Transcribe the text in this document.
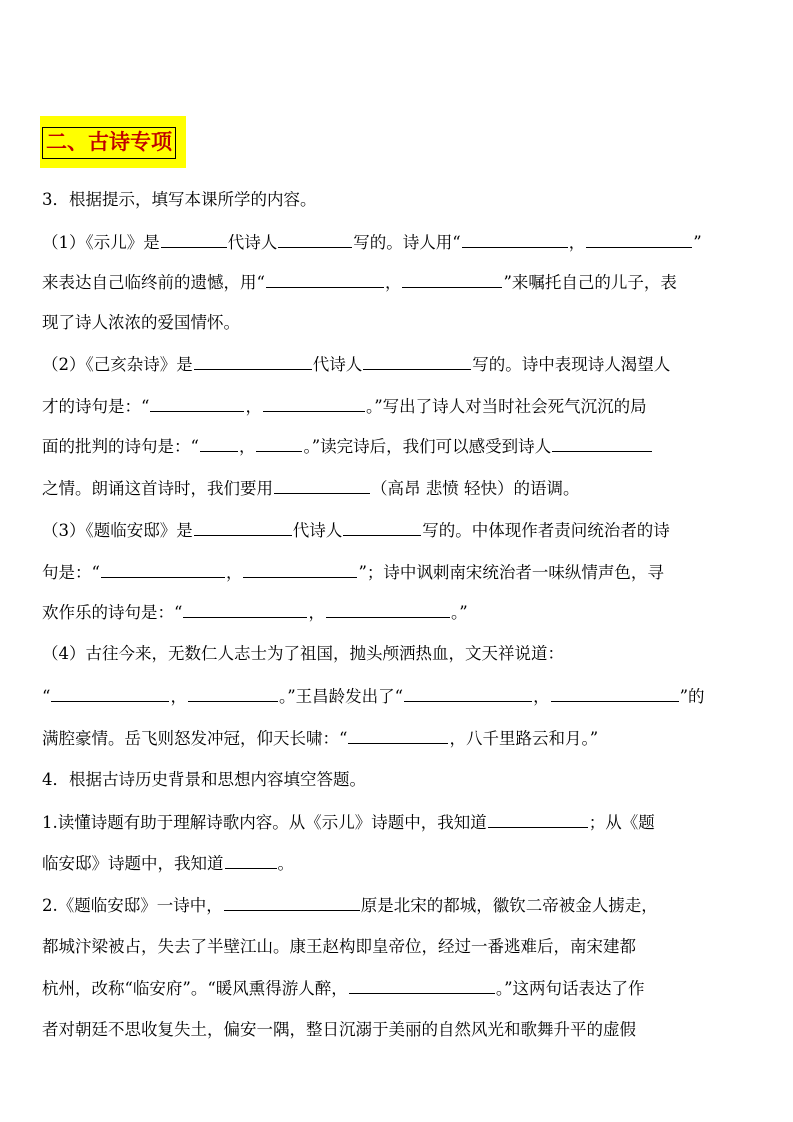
二、古诗专项
3．根据提示，填写本课所学的内容。
（1）《示儿》是	代诗人	写的。诗人用“	，	”
来表达自己临终前的遗憾，用“	，	”来嘱托自己的儿子，表
现了诗人浓浓的爱国情怀。
（2）《己亥杂诗》是	代诗人	写的。诗中表现诗人渴望人
才的诗句是：“	，	。”写出了诗人对当时社会死气沉沉的局
面的批判的诗句是：“ ，	。”读完诗后，我们可以感受到诗人
之情。朗诵这首诗时，我们要用	（高昂 悲愤 轻快）的语调。
（3）《题临安邸》是	代诗人	写的。中体现作者责问统治者的诗
句是：“	，	”；诗中讽刺南宋统治者一味纵情声色，寻
欢作乐的诗句是：“	，	。”
（4）古往今来，无数仁人志士为了祖国，抛头颅洒热血，文天祥说道：
“	，	。”王昌龄发出了“	，	”的
满腔豪情。岳飞则怒发冲冠，仰天长啸：“	，八千里路云和月。”
4．根据古诗历史背景和思想内容填空答题。
1.读懂诗题有助于理解诗歌内容。从《示儿》诗题中，我知道	；从《题
临安邸》诗题中，我知道	。
2.《题临安邸》一诗中，	原是北宋的都城，徽钦二帝被金人掳走，
都城汴梁被占，失去了半壁江山。康王赵构即皇帝位，经过一番逃难后，南宋建都
杭州，改称“临安府”。“暖风熏得游人醉，	。”这两句话表达了作
者对朝廷不思收复失土，偏安一隅，整日沉溺于美丽的自然风光和歌舞升平的虚假
